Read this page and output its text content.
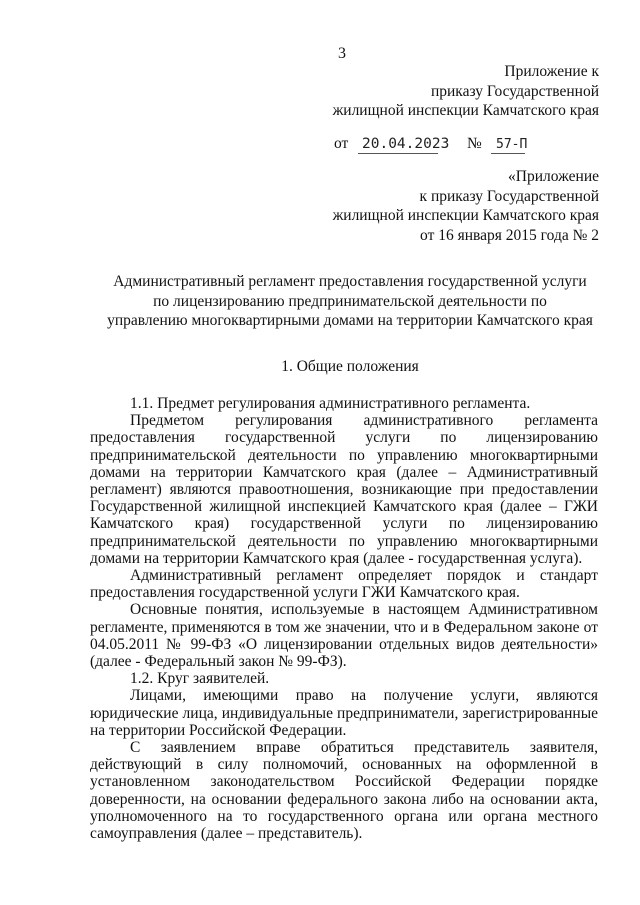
3
Приложение к
приказу Государственной
жилищной инспекции Камчатского края
от 20.04.2023 № 57-П
«Приложение
к приказу Государственной
жилищной инспекции Камчатского края
от 16 января 2015 года № 2
Административный регламент предоставления государственной услуги
по лицензированию предпринимательской деятельности по
управлению многоквартирными домами на территории Камчатского края
1. Общие положения

1.1. Предмет регулирования административного регламента.

Предметом регулирования административного регламента предоставления государственной услуги по лицензированию предпринимательской деятельности по управлению многоквартирными домами на территории Камчатского края (далее – Административный регламент) являются правоотношения, возникающие при предоставлении Государственной жилищной инспекцией Камчатского края (далее – ГЖИ Камчатского края) государственной услуги по лицензированию предпринимательской деятельности по управлению многоквартирными домами на территории Камчатского края (далее - государственная услуга).

Административный регламент определяет порядок и стандарт предоставления государственной услуги ГЖИ Камчатского края.

Основные понятия, используемые в настоящем Административном регламенте, применяются в том же значении, что и в Федеральном законе от 04.05.2011 № 99-ФЗ «О лицензировании отдельных видов деятельности» (далее - Федеральный закон № 99-ФЗ).

1.2. Круг заявителей.

Лицами, имеющими право на получение услуги, являются юридические лица, индивидуальные предприниматели, зарегистрированные на территории Российской Федерации.

С заявлением вправе обратиться представитель заявителя, действующий в силу полномочий, основанных на оформленной в установленном законодательством Российской Федерации порядке доверенности, на основании федерального закона либо на основании акта, уполномоченного на то государственного органа или органа местного самоуправления (далее – представитель).
